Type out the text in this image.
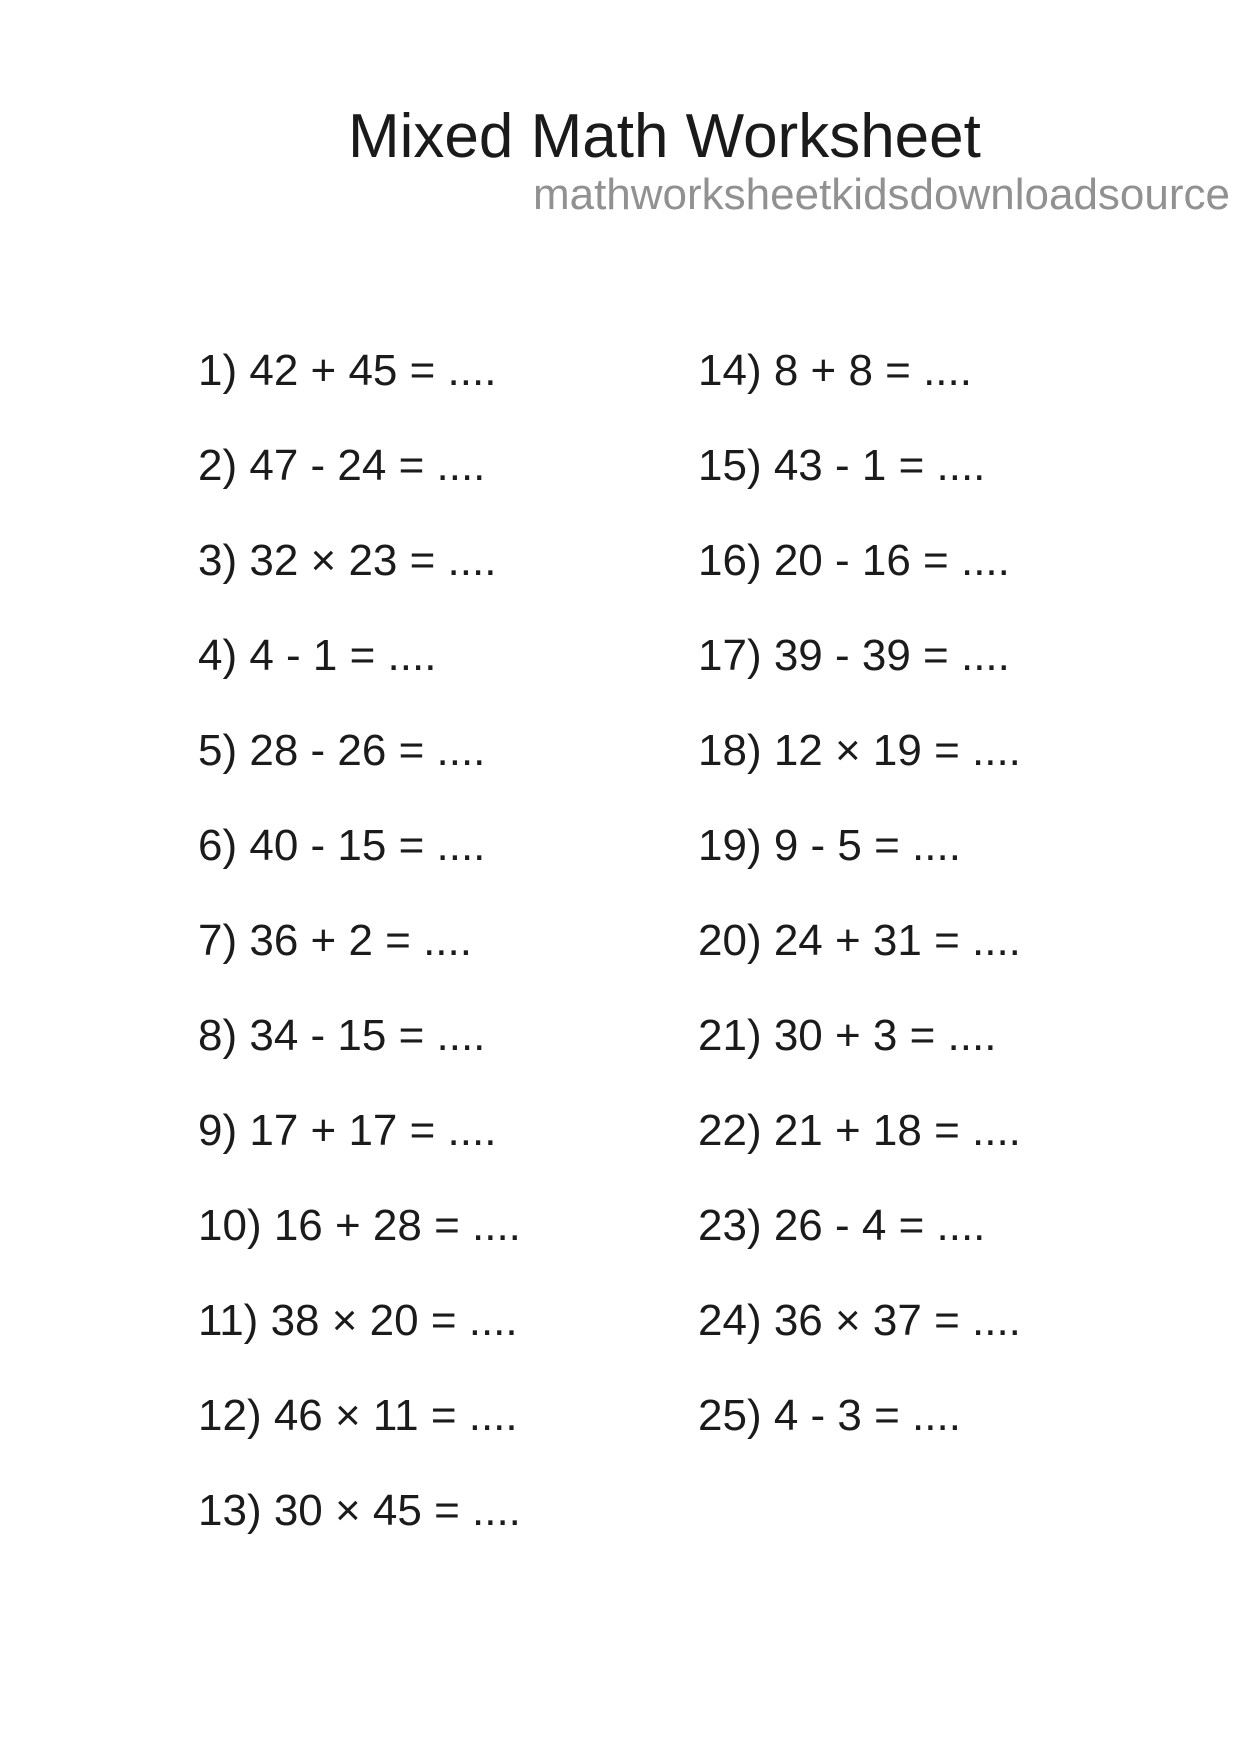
Mixed Math Worksheet
mathworksheetkidsdownloadsource
1) 42 + 45 = ....
2) 47 - 24 = ....
3) 32 × 23 = ....
4) 4 - 1 = ....
5) 28 - 26 = ....
6) 40 - 15 = ....
7) 36 + 2 = ....
8) 34 - 15 = ....
9) 17 + 17 = ....
10) 16 + 28 = ....
11) 38 × 20 = ....
12) 46 × 11 = ....
13) 30 × 45 = ....
14) 8 + 8 = ....
15) 43 - 1 = ....
16) 20 - 16 = ....
17) 39 - 39 = ....
18) 12 × 19 = ....
19) 9 - 5 = ....
20) 24 + 31 = ....
21) 30 + 3 = ....
22) 21 + 18 = ....
23) 26 - 4 = ....
24) 36 × 37 = ....
25) 4 - 3 = ....
